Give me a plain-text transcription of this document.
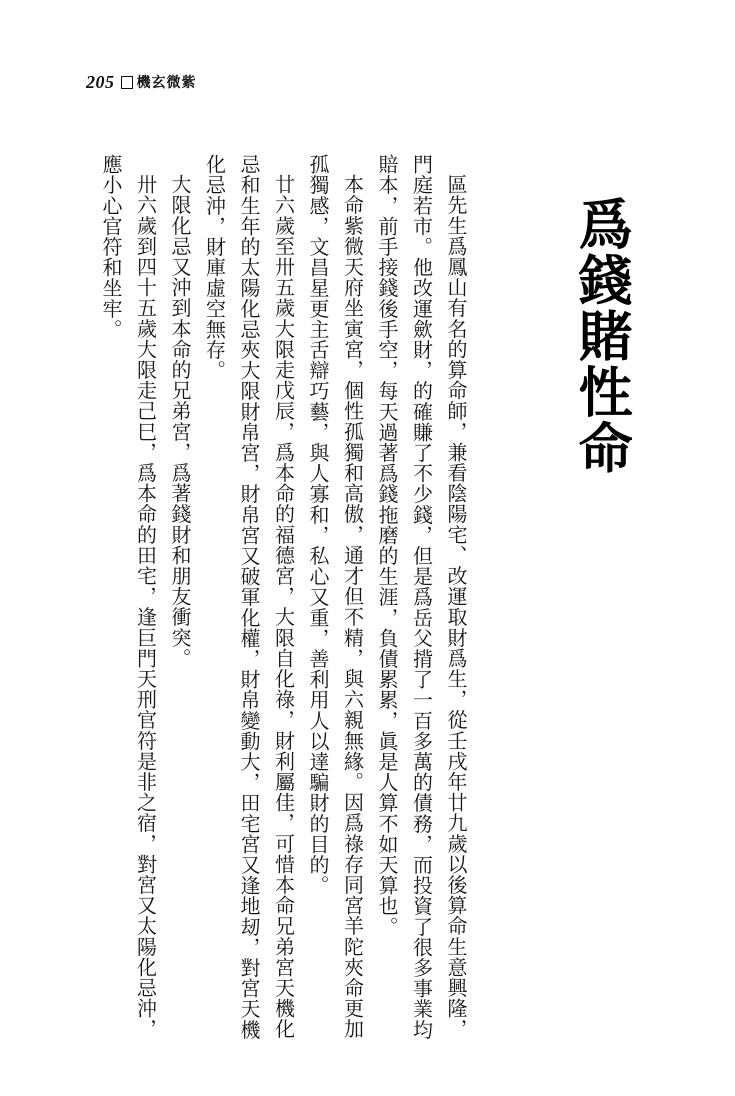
205 機玄微紫
爲錢賭性命

區先生爲鳳山有名的算命師，兼看陰陽宅、改運取財爲生，從壬戌年廿九歲以後算命生意興隆，門庭若市。他改運歛財，的確賺了不少錢，但是爲岳父揹了一百多萬的債務，而投資了很多事業均賠本，前手接錢後手空，每天過著爲錢拖磨的生涯，負債累累，眞是人算不如天算也。

本命紫微天府坐寅宮，個性孤獨和高傲，通才但不精，與六親無緣。因爲祿存同宮羊陀夾命更加孤獨感，文昌星更主舌辯巧藝，與人寡和，私心又重，善利用人以達騙財的目的。

廿六歲至卅五歲大限走戊辰，爲本命的福德宮，大限自化祿，財利屬佳，可惜本命兄弟宮天機化忌和生年的太陽化忌夾大限財帛宮，財帛宮又破軍化權，財帛變動大，田宅宮又逢地刼，對宮天機化忌沖，財庫虛空無存。

大限化忌又沖到本命的兄弟宮，爲著錢財和朋友衝突。

卅六歲到四十五歲大限走己巳，爲本命的田宅，逢巨門天刑官符是非之宿，對宮又太陽化忌沖，應小心官符和坐牢。
